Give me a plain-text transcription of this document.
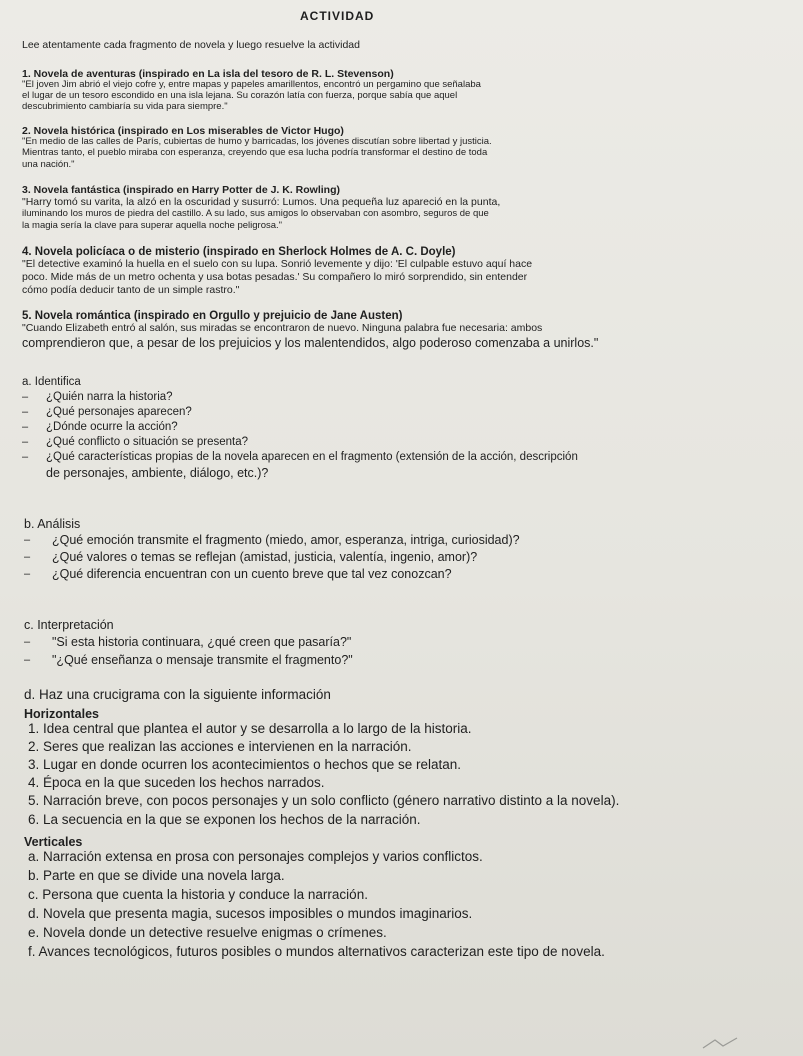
ACTIVIDAD

Lee atentamente cada fragmento de novela y luego resuelve la actividad

1. Novela de aventuras (inspirado en La isla del tesoro de R. L. Stevenson)

"El joven Jim abrió el viejo cofre y, entre mapas y papeles amarillentos, encontró un pergamino que señalaba

el lugar de un tesoro escondido en una isla lejana. Su corazón latía con fuerza, porque sabía que aquel

descubrimiento cambiaría su vida para siempre."

2. Novela histórica (inspirado en Los miserables de Victor Hugo)

"En medio de las calles de París, cubiertas de humo y barricadas, los jóvenes discutían sobre libertad y justicia.

Mientras tanto, el pueblo miraba con esperanza, creyendo que esa lucha podría transformar el destino de toda

una nación."

3. Novela fantástica (inspirado en Harry Potter de J. K. Rowling)

"Harry tomó su varita, la alzó en la oscuridad y susurró: Lumos. Una pequeña luz apareció en la punta,

iluminando los muros de piedra del castillo. A su lado, sus amigos lo observaban con asombro, seguros de que

la magia sería la clave para superar aquella noche peligrosa."

4. Novela policíaca o de misterio (inspirado en Sherlock Holmes de A. C. Doyle)

"El detective examinó la huella en el suelo con su lupa. Sonrió levemente y dijo: 'El culpable estuvo aquí hace

poco. Mide más de un metro ochenta y usa botas pesadas.' Su compañero lo miró sorprendido, sin entender

cómo podía deducir tanto de un simple rastro."

5. Novela romántica (inspirado en Orgullo y prejuicio de Jane Austen)

"Cuando Elizabeth entró al salón, sus miradas se encontraron de nuevo. Ninguna palabra fue necesaria: ambos

comprendieron que, a pesar de los prejuicios y los malentendidos, algo poderoso comenzaba a unirlos."

a. Identifica

– ¿Quién narra la historia?

– ¿Qué personajes aparecen?

– ¿Dónde ocurre la acción?

– ¿Qué conflicto o situación se presenta?

– ¿Qué características propias de la novela aparecen en el fragmento (extensión de la acción, descripción

de personajes, ambiente, diálogo, etc.)?

b. Análisis

– ¿Qué emoción transmite el fragmento (miedo, amor, esperanza, intriga, curiosidad)?

– ¿Qué valores o temas se reflejan (amistad, justicia, valentía, ingenio, amor)?

– ¿Qué diferencia encuentran con un cuento breve que tal vez conozcan?

c. Interpretación

– "Si esta historia continuara, ¿qué creen que pasaría?"

– "¿Qué enseñanza o mensaje transmite el fragmento?"

d. Haz una crucigrama con la siguiente información

Horizontales

1. Idea central que plantea el autor y se desarrolla a lo largo de la historia.

2. Seres que realizan las acciones e intervienen en la narración.

3. Lugar en donde ocurren los acontecimientos o hechos que se relatan.

4. Época en la que suceden los hechos narrados.

5. Narración breve, con pocos personajes y un solo conflicto (género narrativo distinto a la novela).

6. La secuencia en la que se exponen los hechos de la narración.

Verticales

a. Narración extensa en prosa con personajes complejos y varios conflictos.

b. Parte en que se divide una novela larga.

c. Persona que cuenta la historia y conduce la narración.

d. Novela que presenta magia, sucesos imposibles o mundos imaginarios.

e. Novela donde un detective resuelve enigmas o crímenes.

f. Avances tecnológicos, futuros posibles o mundos alternativos caracterizan este tipo de novela.
